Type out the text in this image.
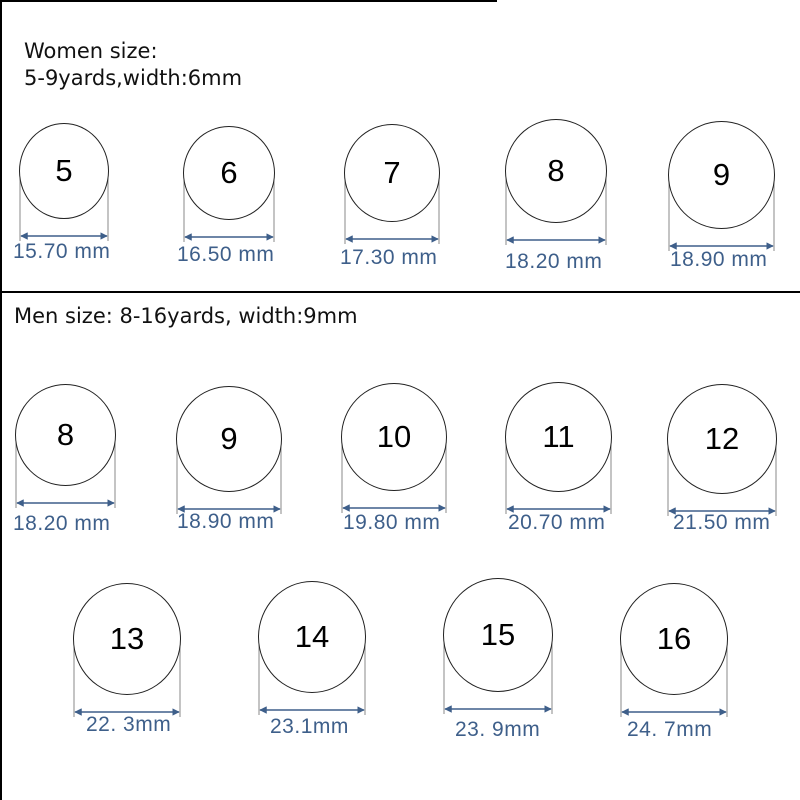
Women size:
5-9yards,width:6mm
Men size: 8-16yards, width:9mm
5	6	7	8	9
15.70 mm	16.50 mm	17.30 mm	18.20 mm	18.90 mm
8	9	10	11	12
18.20 mm	18.90 mm	19.80 mm	20.70 mm	21.50 mm
13	14	15	16
22. 3mm	23.1mm	23. 9mm	24. 7mm
